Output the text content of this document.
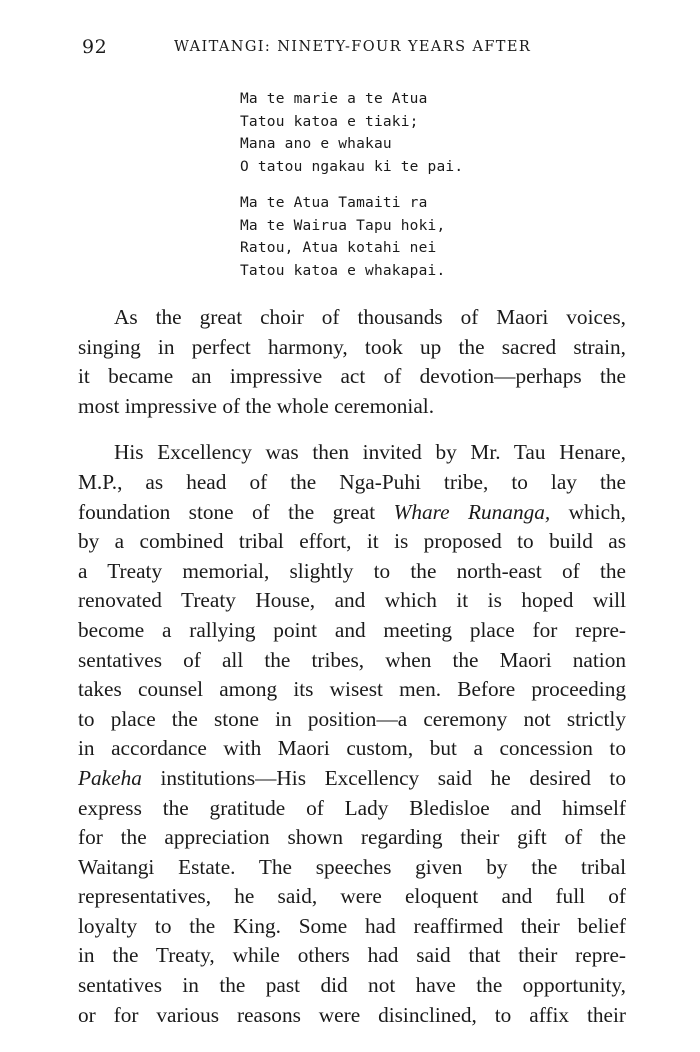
92	WAITANGI: NINETY-FOUR YEARS AFTER
Ma te marie a te Atua
Tatou katoa e tiaki;
Mana ano e whakau
O tatou ngakau ki te pai.
Ma te Atua Tamaiti ra
Ma te Wairua Tapu hoki,
Ratou, Atua kotahi nei
Tatou katoa e whakapai.
As the great choir of thousands of Maori voices,
singing in perfect harmony, took up the sacred strain,
it became an impressive act of devotion—perhaps the
most impressive of the whole ceremonial.
His Excellency was then invited by Mr. Tau Henare,
M.P., as head of the Nga-Puhi tribe, to lay the
foundation stone of the great Whare Runanga, which,
by a combined tribal effort, it is proposed to build as
a Treaty memorial, slightly to the north-east of the
renovated Treaty House, and which it is hoped will
become a rallying point and meeting place for repre-
sentatives of all the tribes, when the Maori nation
takes counsel among its wisest men. Before proceeding
to place the stone in position—a ceremony not strictly
in accordance with Maori custom, but a concession to
Pakeha institutions—His Excellency said he desired to
express the gratitude of Lady Bledisloe and himself
for the appreciation shown regarding their gift of the
Waitangi Estate. The speeches given by the tribal
representatives, he said, were eloquent and full of
loyalty to the King. Some had reaffirmed their belief
in the Treaty, while others had said that their repre-
sentatives in the past did not have the opportunity,
or for various reasons were disinclined, to affix their
